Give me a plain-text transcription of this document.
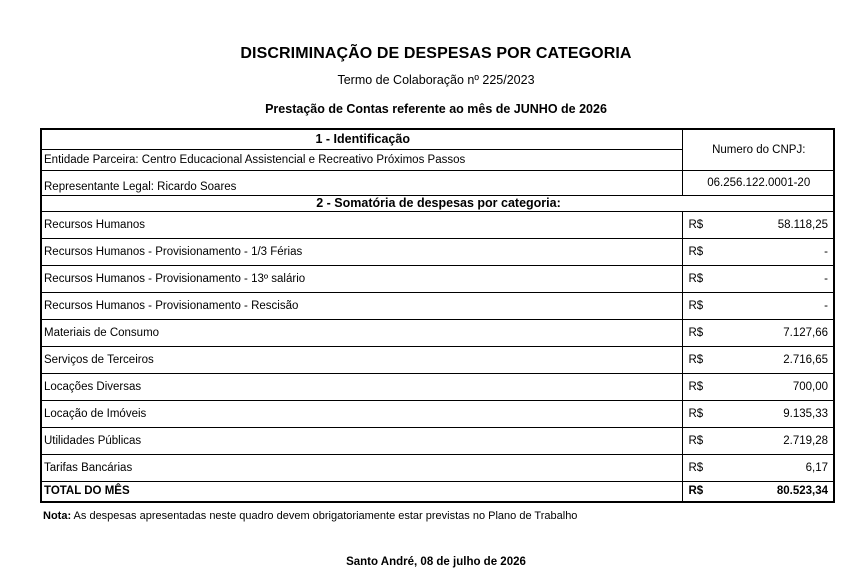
DISCRIMINAÇÃO DE DESPESAS POR CATEGORIA
Termo de Colaboração nº 225/2023
Prestação de Contas referente ao mês de JUNHO de 2026
1 - Identificação	Numero do CNPJ:
Entidade Parceira: Centro Educacional Assistencial e Recreativo Próximos Passos	
Representante Legal: Ricardo Soares	06.256.122.0001-20
2 - Somatória de despesas por categoria:	
Recursos Humanos	R$ 58.118,25

Recursos Humanos - Provisionamento - 1/3 Férias	R$ -

Recursos Humanos - Provisionamento - 13º salário	R$ -

Recursos Humanos - Provisionamento - Rescisão	R$ -

Materiais de Consumo	R$ 7.127,66

Serviços de Terceiros	R$ 2.716,65

Locações Diversas	R$ 700,00

Locação de Imóveis	R$ 9.135,33

Utilidades Públicas	R$ 2.719,28

Tarifas Bancárias	R$ 6,17

TOTAL DO MÊS	R$ 80.523,34
Nota: As despesas apresentadas neste quadro devem obrigatoriamente estar previstas no Plano de Trabalho
Santo André, 08 de julho de 2026
